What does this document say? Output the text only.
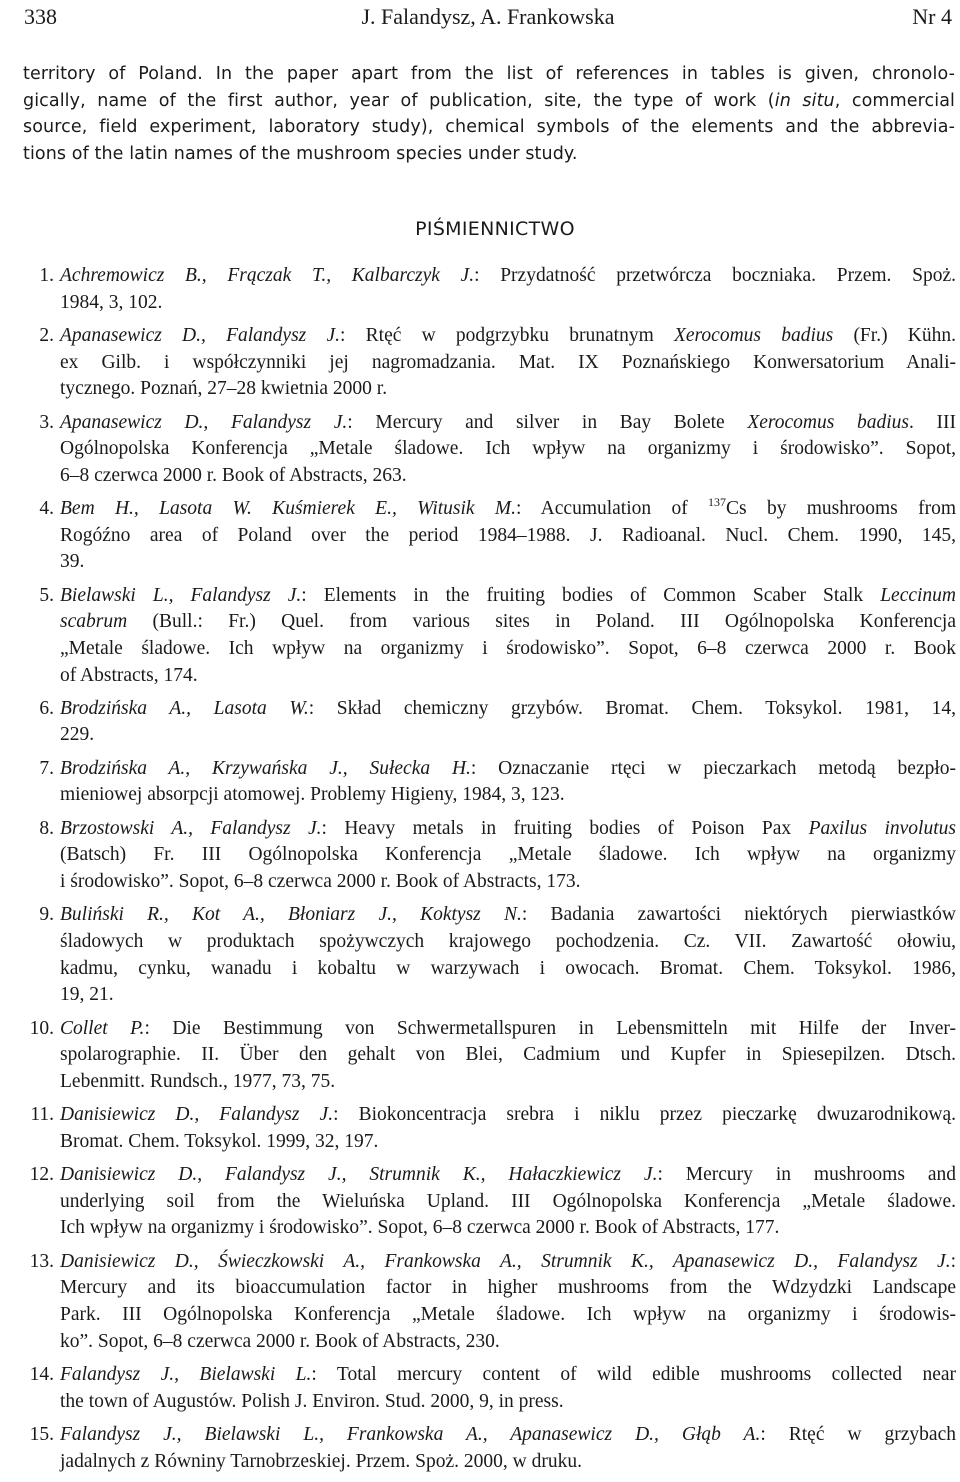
338	J. Falandysz, A. Frankowska	Nr 4
territory of Poland. In the paper apart from the list of references in tables is given, chronolo-
gically, name of the first author, year of publication, site, the type of work (in situ, commercial
source, field experiment, laboratory study), chemical symbols of the elements and the abbrevia-
tions of the latin names of the mushroom species under study.
PIŚMIENNICTWO
1. Achremowicz B., Frączak T., Kalbarczyk J.: Przydatność przetwórcza boczniaka. Przem. Spoż.
1984, 3, 102.
2. Apanasewicz D., Falandysz J.: Rtęć w podgrzybku brunatnym Xerocomus badius (Fr.) Kühn.
ex Gilb. i współczynniki jej nagromadzania. Mat. IX Poznańskiego Konwersatorium Anali-
tycznego. Poznań, 27–28 kwietnia 2000 r.
3. Apanasewicz D., Falandysz J.: Mercury and silver in Bay Bolete Xerocomus badius. III
Ogólnopolska Konferencja „Metale śladowe. Ich wpływ na organizmy i środowisko”. Sopot,
6–8 czerwca 2000 r. Book of Abstracts, 263.
4. Bem H., Lasota W. Kuśmierek E., Witusik M.: Accumulation of $^{137}$Cs by mushrooms from
Rogóźno area of Poland over the period 1984–1988. J. Radioanal. Nucl. Chem. 1990, 145,
39.
5. Bielawski L., Falandysz J.: Elements in the fruiting bodies of Common Scaber Stalk Leccinum
scabrum (Bull.: Fr.) Quel. from various sites in Poland. III Ogólnopolska Konferencja
„Metale śladowe. Ich wpływ na organizmy i środowisko”. Sopot, 6–8 czerwca 2000 r. Book
of Abstracts, 174.
6. Brodzińska A., Lasota W.: Skład chemiczny grzybów. Bromat. Chem. Toksykol. 1981, 14,
229.
7. Brodzińska A., Krzywańska J., Sułecka H.: Oznaczanie rtęci w pieczarkach metodą bezpło-
mieniowej absorpcji atomowej. Problemy Higieny, 1984, 3, 123.
8. Brzostowski A., Falandysz J.: Heavy metals in fruiting bodies of Poison Pax Paxilus involutus
(Batsch) Fr. III Ogólnopolska Konferencja „Metale śladowe. Ich wpływ na organizmy
i środowisko”. Sopot, 6–8 czerwca 2000 r. Book of Abstracts, 173.
9. Buliński R., Kot A., Błoniarz J., Koktysz N.: Badania zawartości niektórych pierwiastków
śladowych w produktach spożywczych krajowego pochodzenia. Cz. VII. Zawartość ołowiu,
kadmu, cynku, wanadu i kobaltu w warzywach i owocach. Bromat. Chem. Toksykol. 1986,
19, 21.
10. Collet P.: Die Bestimmung von Schwermetallspuren in Lebensmitteln mit Hilfe der Inver-
spolarographie. II. Über den gehalt von Blei, Cadmium und Kupfer in Spiesepilzen. Dtsch.
Lebenmitt. Rundsch., 1977, 73, 75.
11. Danisiewicz D., Falandysz J.: Biokoncentracja srebra i niklu przez pieczarkę dwuzarodnikową.
Bromat. Chem. Toksykol. 1999, 32, 197.
12. Danisiewicz D., Falandysz J., Strumnik K., Hałaczkiewicz J.: Mercury in mushrooms and
underlying soil from the Wieluńska Upland. III Ogólnopolska Konferencja „Metale śladowe.
Ich wpływ na organizmy i środowisko”. Sopot, 6–8 czerwca 2000 r. Book of Abstracts, 177.
13. Danisiewicz D., Świeczkowski A., Frankowska A., Strumnik K., Apanasewicz D., Falandysz J.:
Mercury and its bioaccumulation factor in higher mushrooms from the Wdzydzki Landscape
Park. III Ogólnopolska Konferencja „Metale śladowe. Ich wpływ na organizmy i środowis-
ko”. Sopot, 6–8 czerwca 2000 r. Book of Abstracts, 230.
14. Falandysz J., Bielawski L.: Total mercury content of wild edible mushrooms collected near
the town of Augustów. Polish J. Environ. Stud. 2000, 9, in press.
15. Falandysz J., Bielawski L., Frankowska A., Apanasewicz D., Głąb A.: Rtęć w grzybach
jadalnych z Równiny Tarnobrzeskiej. Przem. Spoż. 2000, w druku.
